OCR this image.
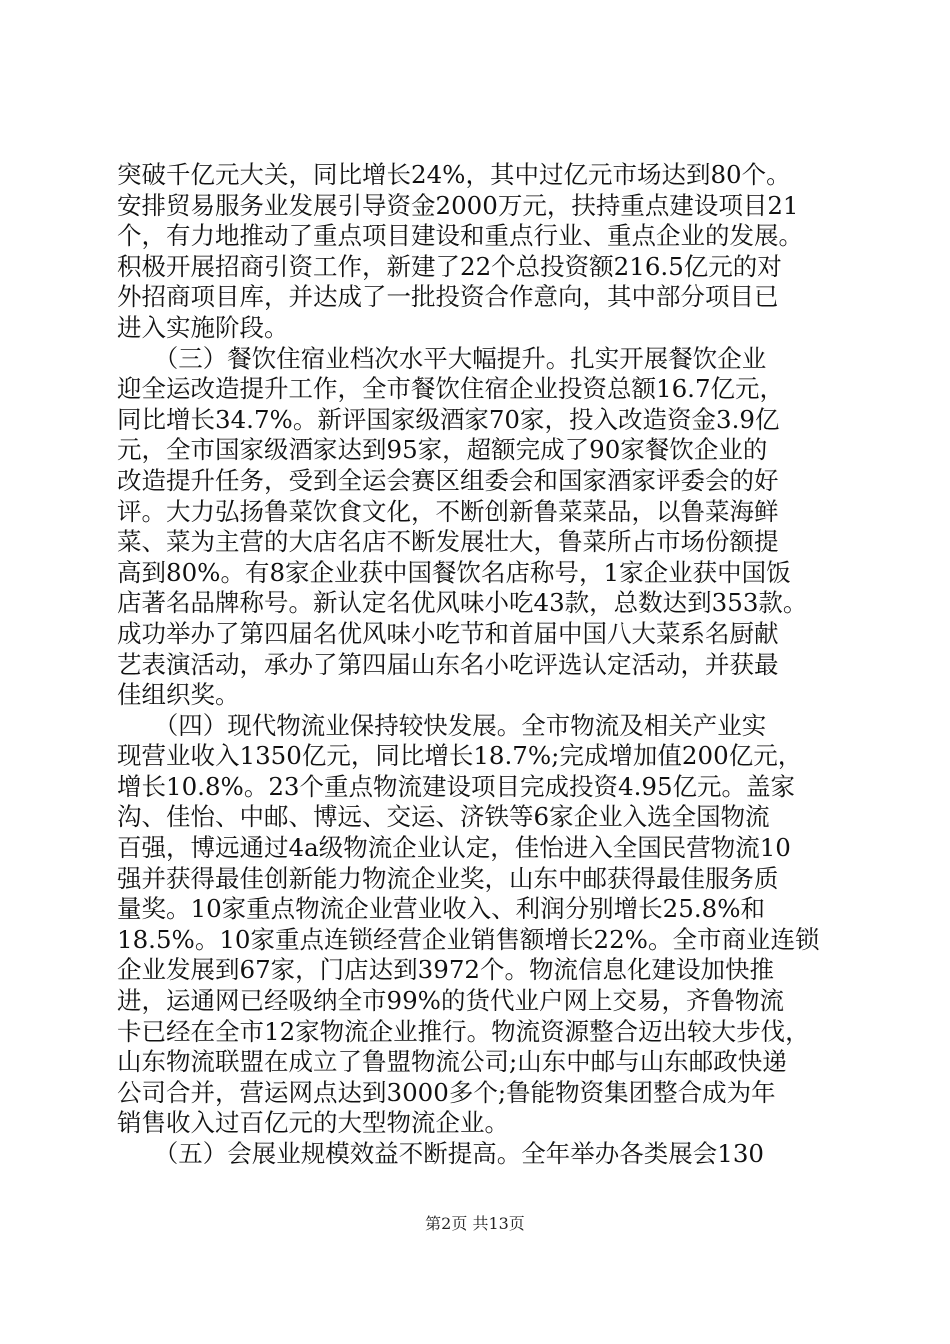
突破千亿元大关，同比增长24%，其中过亿元市场达到80个。
安排贸易服务业发展引导资金2000万元，扶持重点建设项目21
个，有力地推动了重点项目建设和重点行业、重点企业的发展。
积极开展招商引资工作，新建了22个总投资额216.5亿元的对
外招商项目库，并达成了一批投资合作意向，其中部分项目已
进入实施阶段。
　　（三）餐饮住宿业档次水平大幅提升。扎实开展餐饮企业
迎全运改造提升工作，全市餐饮住宿企业投资总额16.7亿元，
同比增长34.7%。新评国家级酒家70家，投入改造资金3.9亿
元，全市国家级酒家达到95家，超额完成了90家餐饮企业的
改造提升任务，受到全运会赛区组委会和国家酒家评委会的好
评。大力弘扬鲁菜饮食文化，不断创新鲁菜菜品，以鲁菜海鲜
菜、菜为主营的大店名店不断发展壮大，鲁菜所占市场份额提
高到80%。有8家企业获中国餐饮名店称号，1家企业获中国饭
店著名品牌称号。新认定名优风味小吃43款，总数达到353款。
成功举办了第四届名优风味小吃节和首届中国八大菜系名厨献
艺表演活动，承办了第四届山东名小吃评选认定活动，并获最
佳组织奖。
　　（四）现代物流业保持较快发展。全市物流及相关产业实
现营业收入1350亿元，同比增长18.7%;完成增加值200亿元，
增长10.8%。23个重点物流建设项目完成投资4.95亿元。盖家
沟、佳怡、中邮、博远、交运、济铁等6家企业入选全国物流
百强，博远通过4a级物流企业认定，佳怡进入全国民营物流10
强并获得最佳创新能力物流企业奖，山东中邮获得最佳服务质
量奖。10家重点物流企业营业收入、利润分别增长25.8%和
18.5%。10家重点连锁经营企业销售额增长22%。全市商业连锁
企业发展到67家，门店达到3972个。物流信息化建设加快推
进，运通网已经吸纳全市99%的货代业户网上交易，齐鲁物流
卡已经在全市12家物流企业推行。物流资源整合迈出较大步伐，
山东物流联盟在成立了鲁盟物流公司;山东中邮与山东邮政快递
公司合并，营运网点达到3000多个;鲁能物资集团整合成为年
销售收入过百亿元的大型物流企业。
　　（五）会展业规模效益不断提高。全年举办各类展会130
第2页 共13页
